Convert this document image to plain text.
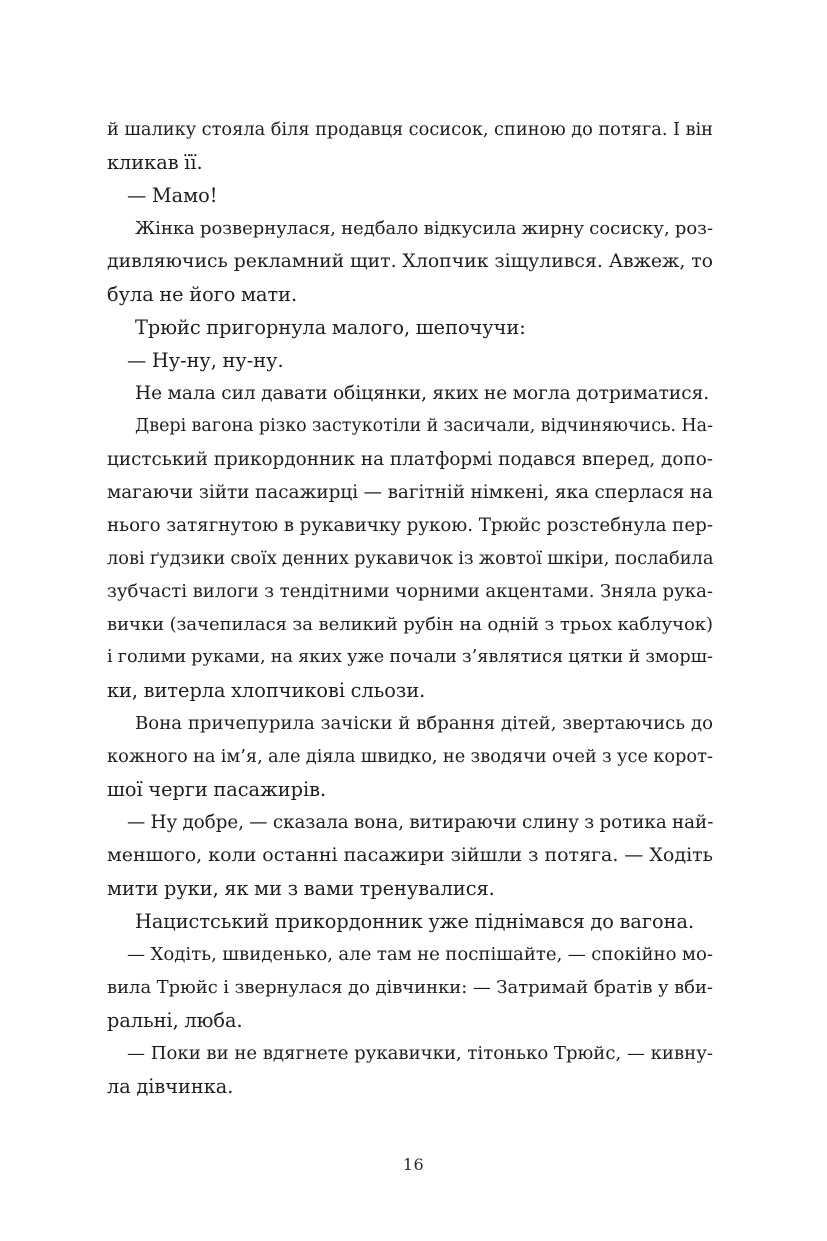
й шалику стояла біля продавця сосисок, спиною до потяга. І він
кликав її.
— Мамо!
Жінка розвернулася, недбало відкусила жирну сосиску, роз-
дивляючись рекламний щит. Хлопчик зіщулився. Авжеж, то
була не його мати.
Трюйс пригорнула малого, шепочучи:
— Ну-ну, ну-ну.
Не мала сил давати обіцянки, яких не могла дотриматися.
Двері вагона різко застукотіли й засичали, відчиняючись. На-
цистський прикордонник на платформі подався вперед, допо-
магаючи зійти пасажирці — вагітній німкені, яка сперлася на
нього затягнутою в рукавичку рукою. Трюйс розстебнула пер-
лові ґудзики своїх денних рукавичок із жовтої шкіри, послабила
зубчасті вилоги з тендітними чорними акцентами. Зняла рука-
вички (зачепилася за великий рубін на одній з трьох каблучок)
і голими руками, на яких уже почали з’являтися цятки й зморш-
ки, витерла хлопчикові сльози.
Вона причепурила зачіски й вбрання дітей, звертаючись до
кожного на ім’я, але діяла швидко, не зводячи очей з усе корот-
шої черги пасажирів.
— Ну добре, — сказала вона, витираючи слину з ротика най-
меншого, коли останні пасажири зійшли з потяга. — Ходіть
мити руки, як ми з вами тренувалися.
Нацистський прикордонник уже піднімався до вагона.
— Ходіть, швиденько, але там не поспішайте, — спокійно мо-
вила Трюйс і звернулася до дівчинки: — Затримай братів у вби-
ральні, люба.
— Поки ви не вдягнете рукавички, тітонько Трюйс, — кивну-
ла дівчинка.
16
